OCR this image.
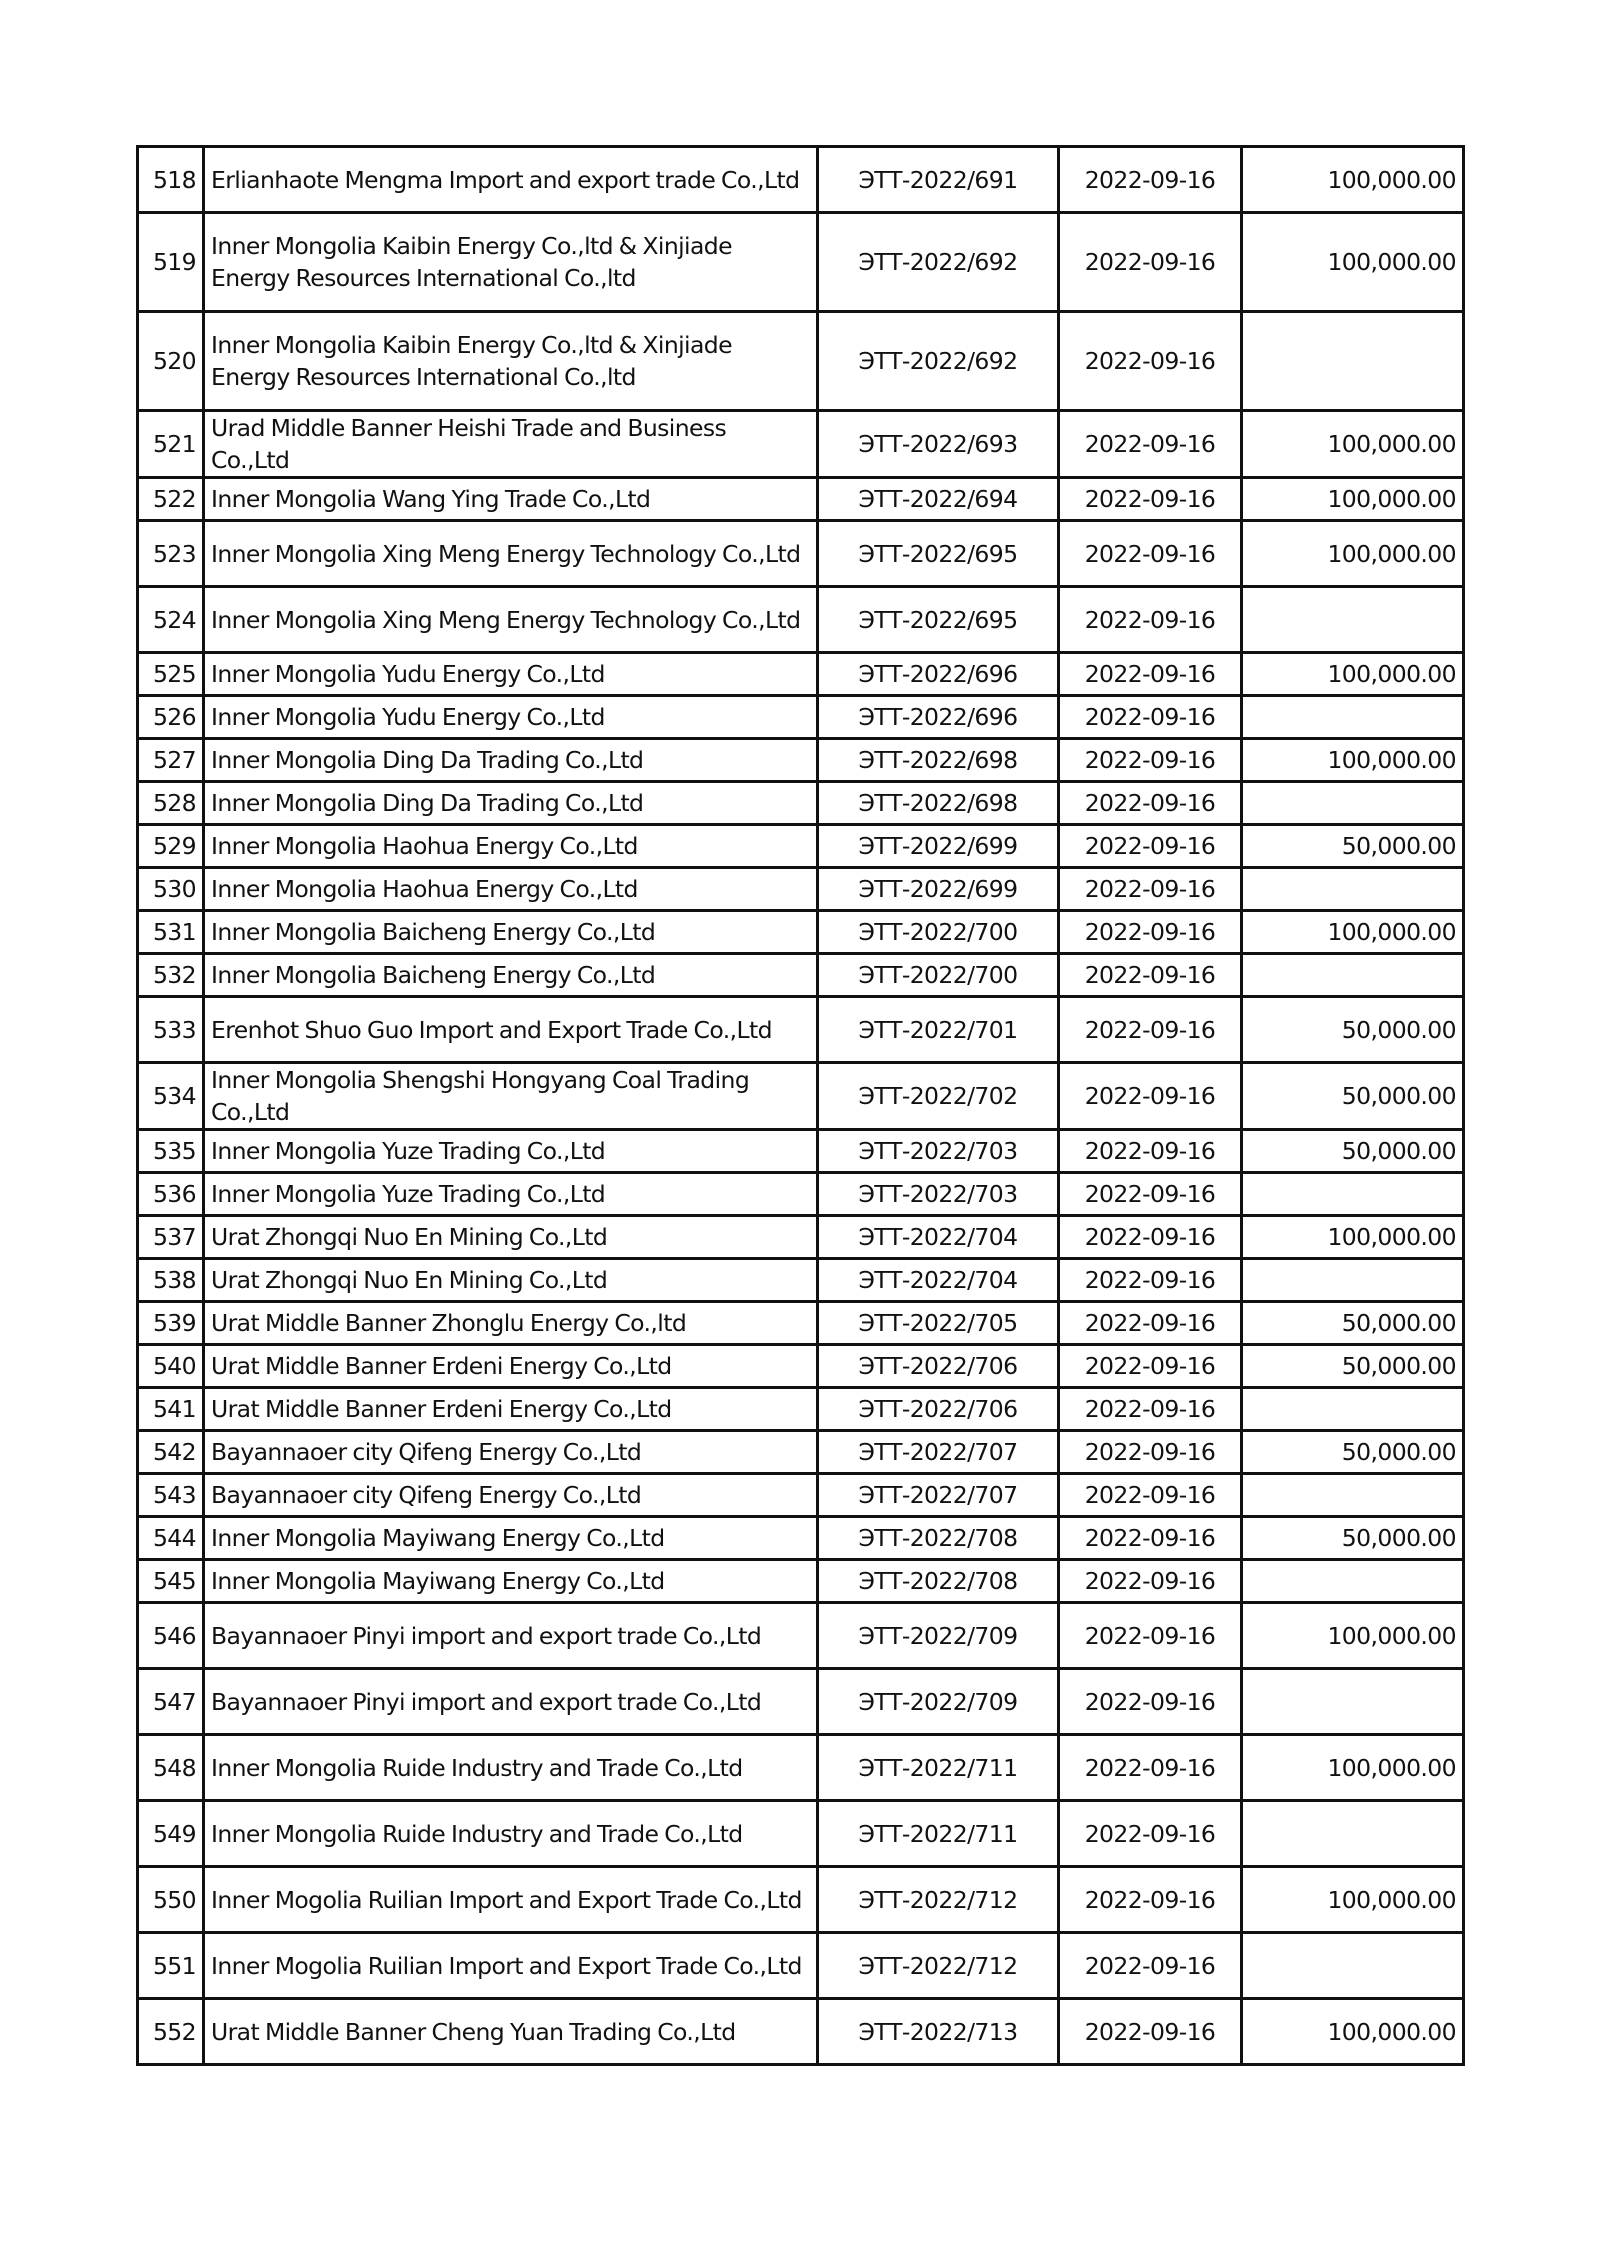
518	Erlianhaote Mengma Import and export trade Co.,Ltd	ЭТТ-2022/691	2022-09-16	100,000.00
519	Inner Mongolia Kaibin Energy Co.,ltd & Xinjiade Energy Resources International Co.,ltd	ЭТТ-2022/692	2022-09-16	100,000.00
520	Inner Mongolia Kaibin Energy Co.,ltd & Xinjiade Energy Resources International Co.,ltd	ЭТТ-2022/692	2022-09-16	
521	Urad Middle Banner Heishi Trade and Business Co.,Ltd	ЭТТ-2022/693	2022-09-16	100,000.00
522	Inner Mongolia Wang Ying Trade Co.,Ltd	ЭТТ-2022/694	2022-09-16	100,000.00
523	Inner Mongolia Xing Meng Energy Technology Co.,Ltd	ЭТТ-2022/695	2022-09-16	100,000.00
524	Inner Mongolia Xing Meng Energy Technology Co.,Ltd	ЭТТ-2022/695	2022-09-16	
525	Inner Mongolia Yudu Energy Co.,Ltd	ЭТТ-2022/696	2022-09-16	100,000.00
526	Inner Mongolia Yudu Energy Co.,Ltd	ЭТТ-2022/696	2022-09-16	
527	Inner Mongolia Ding Da Trading Co.,Ltd	ЭТТ-2022/698	2022-09-16	100,000.00
528	Inner Mongolia Ding Da Trading Co.,Ltd	ЭТТ-2022/698	2022-09-16	
529	Inner Mongolia Haohua Energy Co.,Ltd	ЭТТ-2022/699	2022-09-16	50,000.00
530	Inner Mongolia Haohua Energy Co.,Ltd	ЭТТ-2022/699	2022-09-16	
531	Inner Mongolia Baicheng Energy Co.,Ltd	ЭТТ-2022/700	2022-09-16	100,000.00
532	Inner Mongolia Baicheng Energy Co.,Ltd	ЭТТ-2022/700	2022-09-16	
533	Erenhot Shuo Guo Import and Export Trade Co.,Ltd	ЭТТ-2022/701	2022-09-16	50,000.00
534	Inner Mongolia Shengshi Hongyang Coal Trading Co.,Ltd	ЭТТ-2022/702	2022-09-16	50,000.00
535	Inner Mongolia Yuze Trading Co.,Ltd	ЭТТ-2022/703	2022-09-16	50,000.00
536	Inner Mongolia Yuze Trading Co.,Ltd	ЭТТ-2022/703	2022-09-16	
537	Urat Zhongqi Nuo En Mining Co.,Ltd	ЭТТ-2022/704	2022-09-16	100,000.00
538	Urat Zhongqi Nuo En Mining Co.,Ltd	ЭТТ-2022/704	2022-09-16	
539	Urat Middle Banner Zhonglu Energy Co.,ltd	ЭТТ-2022/705	2022-09-16	50,000.00
540	Urat Middle Banner Erdeni Energy Co.,Ltd	ЭТТ-2022/706	2022-09-16	50,000.00
541	Urat Middle Banner Erdeni Energy Co.,Ltd	ЭТТ-2022/706	2022-09-16	
542	Bayannaoer city Qifeng Energy Co.,Ltd	ЭТТ-2022/707	2022-09-16	50,000.00
543	Bayannaoer city Qifeng Energy Co.,Ltd	ЭТТ-2022/707	2022-09-16	
544	Inner Mongolia Mayiwang Energy Co.,Ltd	ЭТТ-2022/708	2022-09-16	50,000.00
545	Inner Mongolia Mayiwang Energy Co.,Ltd	ЭТТ-2022/708	2022-09-16	
546	Bayannaoer Pinyi import and export trade Co.,Ltd	ЭТТ-2022/709	2022-09-16	100,000.00
547	Bayannaoer Pinyi import and export trade Co.,Ltd	ЭТТ-2022/709	2022-09-16	
548	Inner Mongolia Ruide Industry and Trade Co.,Ltd	ЭТТ-2022/711	2022-09-16	100,000.00
549	Inner Mongolia Ruide Industry and Trade Co.,Ltd	ЭТТ-2022/711	2022-09-16	
550	Inner Mogolia Ruilian Import and Export Trade Co.,Ltd	ЭТТ-2022/712	2022-09-16	100,000.00
551	Inner Mogolia Ruilian Import and Export Trade Co.,Ltd	ЭТТ-2022/712	2022-09-16	
552	Urat Middle Banner Cheng Yuan Trading Co.,Ltd	ЭТТ-2022/713	2022-09-16	100,000.00
